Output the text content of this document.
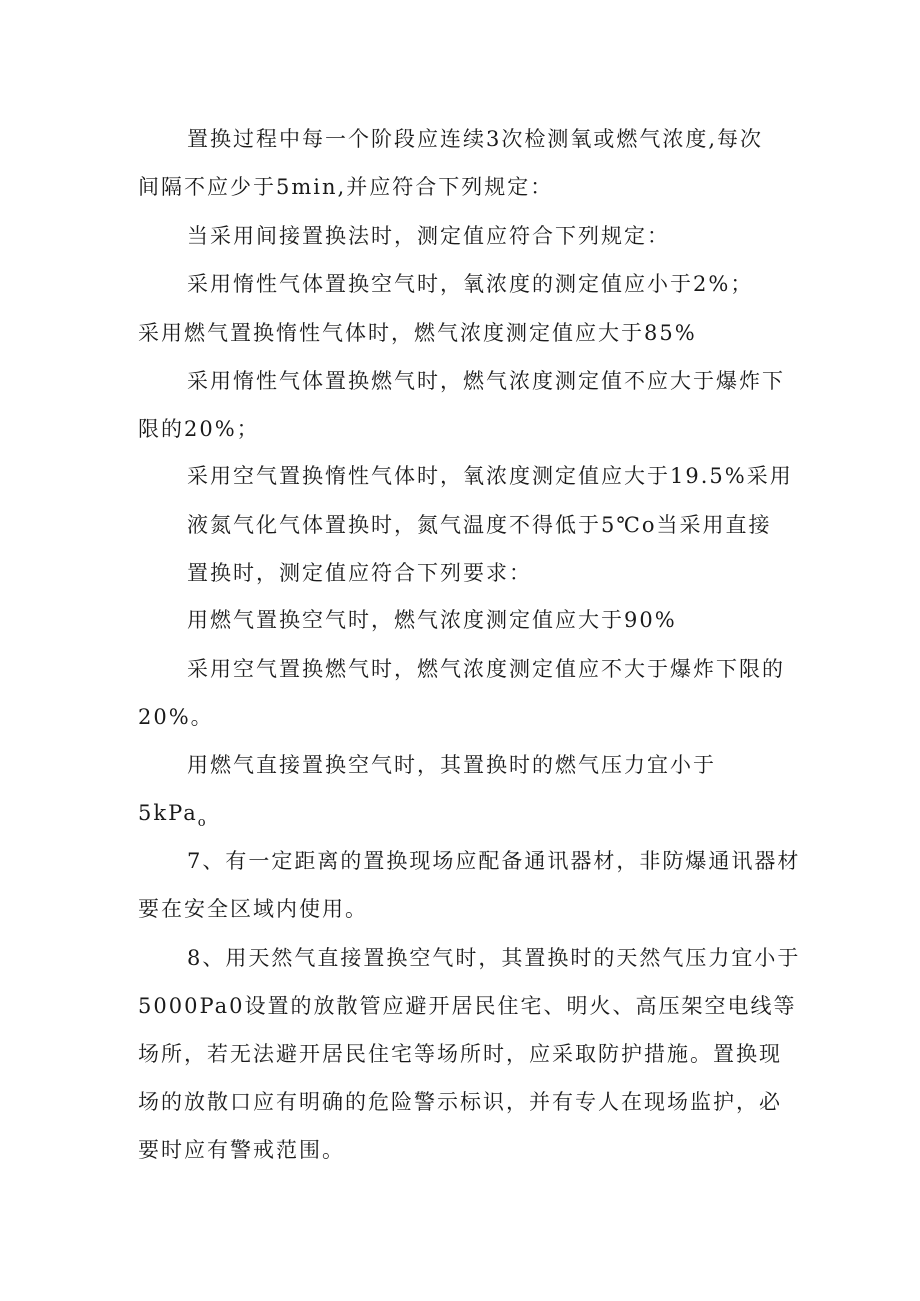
置换过程中每一个阶段应连续3次检测氧或燃气浓度,每次

间隔不应少于5min,并应符合下列规定：

当采用间接置换法时，测定值应符合下列规定：

采用惰性气体置换空气时，氧浓度的测定值应小于2%；

采用燃气置换惰性气体时，燃气浓度测定值应大于85%

采用惰性气体置换燃气时，燃气浓度测定值不应大于爆炸下

限的20%；

采用空气置换惰性气体时，氧浓度测定值应大于19.5%采用

液氮气化气体置换时，氮气温度不得低于5℃o当采用直接

置换时，测定值应符合下列要求：

用燃气置换空气时，燃气浓度测定值应大于90%

采用空气置换燃气时，燃气浓度测定值应不大于爆炸下限的

20%。

用燃气直接置换空气时，其置换时的燃气压力宜小于

5kPa$_o$

7、有一定距离的置换现场应配备通讯器材，非防爆通讯器材

要在安全区域内使用。

8、用天然气直接置换空气时，其置换时的天然气压力宜小于

5000Pa0设置的放散管应避开居民住宅、明火、高压架空电线等

场所，若无法避开居民住宅等场所时，应采取防护措施。置换现

场的放散口应有明确的危险警示标识，并有专人在现场监护，必

要时应有警戒范围。
